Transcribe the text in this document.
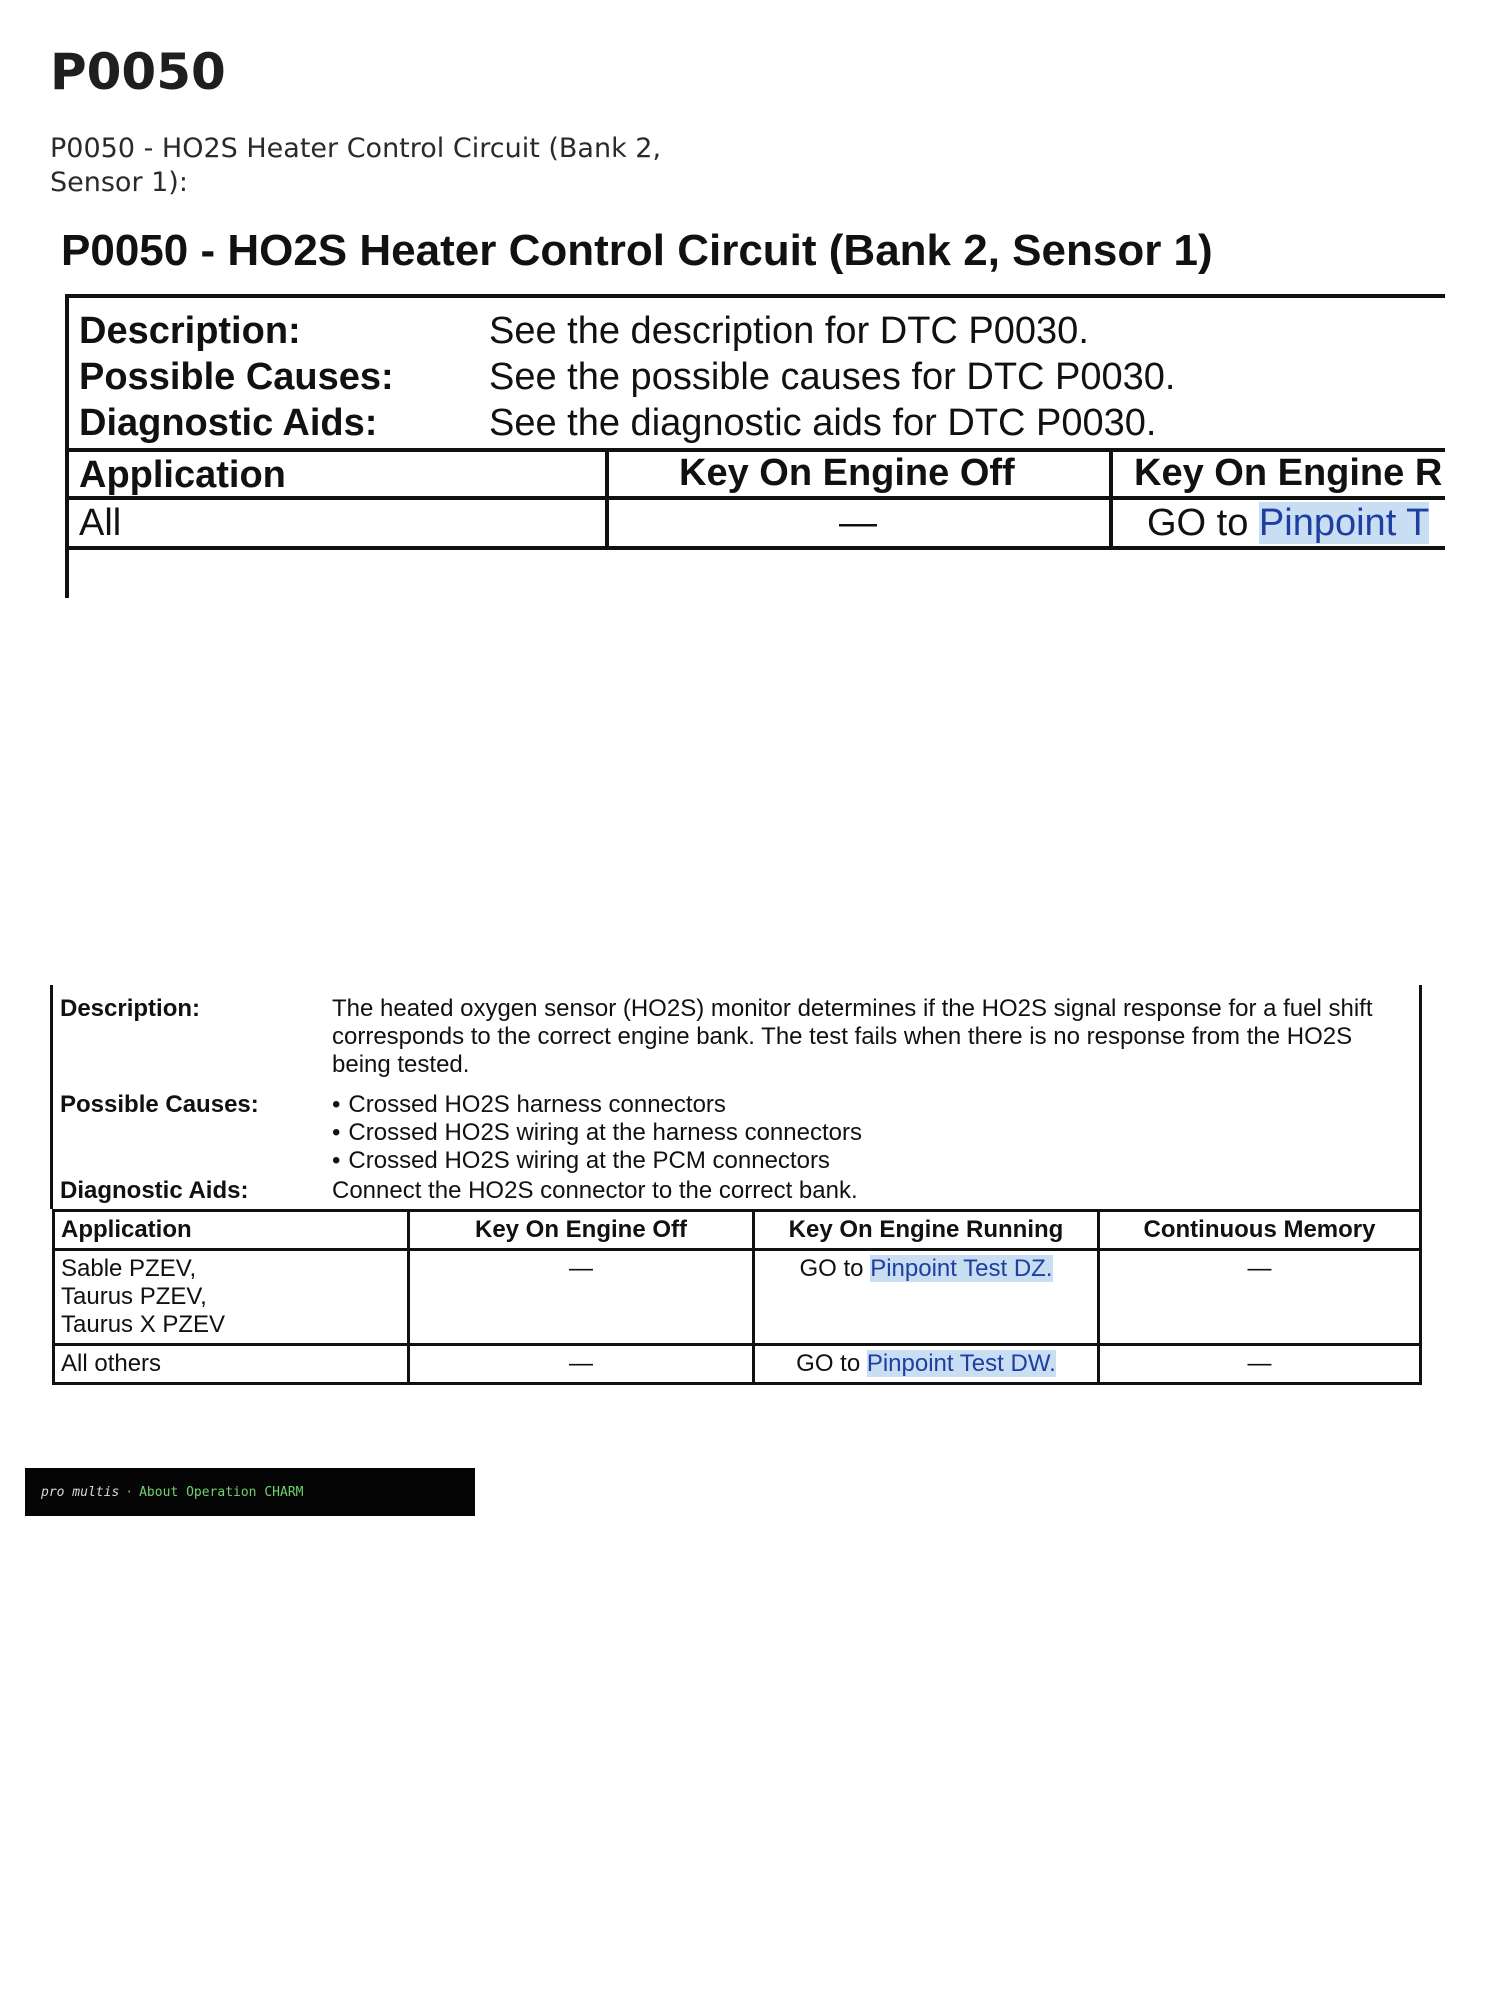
P0050

P0050 - HO2S Heater Control Circuit (Bank 2, Sensor 1):

P0050 - HO2S Heater Control Circuit (Bank 2, Sensor 1)
Description:	See the description for DTC P0030.
Possible Causes:	See the possible causes for DTC P0030.
Diagnostic Aids:	See the diagnostic aids for DTC P0030.
Application	Key On Engine Off	Key On Engine R
All	—	GO to Pinpoint T
Description:	The heated oxygen sensor (HO2S) monitor determines if the HO2S signal response for a fuel shift corresponds to the correct engine bank. The test fails when there is no response from the HO2S being tested.
Possible Causes:	• Crossed HO2S harness connectors
• Crossed HO2S wiring at the harness connectors
• Crossed HO2S wiring at the PCM connectors
Diagnostic Aids:	Connect the HO2S connector to the correct bank.
Application	Key On Engine Off	Key On Engine Running	Continuous Memory
Sable PZEV,
Taurus PZEV,
Taurus X PZEV	—	GO to Pinpoint Test DZ.	—
All others	—	GO to Pinpoint Test DW.	—
pro multis · About Operation CHARM
